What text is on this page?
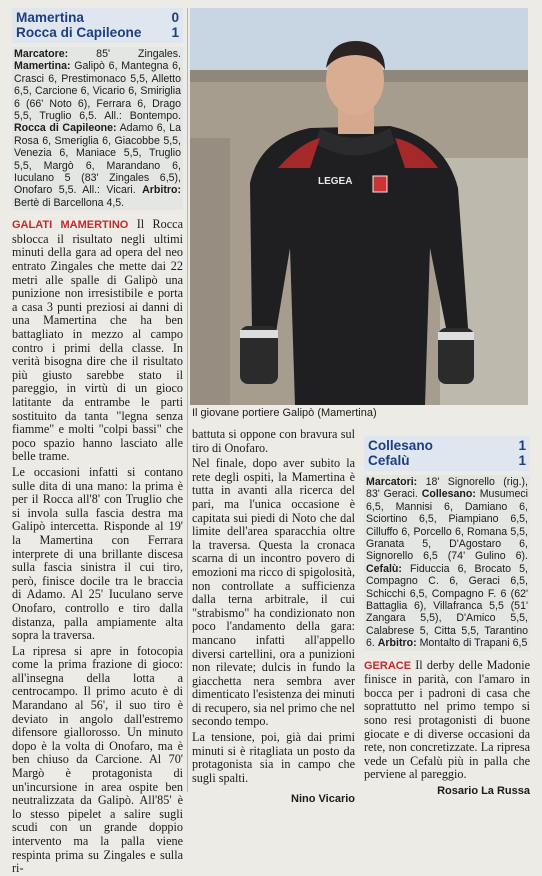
Mamertina	0
Rocca di Capileone 1

Marcatore: 85' Zingales. Mamertina: Galipò 6, Mantegna 6, Crasci 6, Prestimonaco 5,5, Alletto 6,5, Carcione 6, Vicario 6, Smiriglia 6 (66' Noto 6), Ferrara 6, Drago 5,5, Truglio 6,5. All.: Bontempo. Rocca di Capileone: Adamo 6, La Rosa 6, Smeriglia 6, Giacobbe 5,5, Venezia 6, Maniace 5,5, Truglio 5,5, Margò 6, Marandano 6, Iuculano 5 (83' Zingales 6,5), Onofaro 5,5. All.: Vicari. Arbitro: Bertè di Barcellona 4,5.

GALATI MAMERTINO Il Rocca sblocca il risultato negli ultimi minuti della gara ad opera del neo entrato Zingales che mette dai 22 metri alle spalle di Galipò una punizione non irresistibile e porta a casa 3 punti preziosi ai danni di una Mamertina che ha ben battagliato in mezzo al campo contro i primi della classe. In verità bisogna dire che il risultato più giusto sarebbe stato il pareggio, in virtù di un gioco latitante da entrambe le parti sostituito da tanta "legna senza fiamme" e molti "colpi bassi" che poco spazio hanno lasciato alle belle trame.

Le occasioni infatti si contano sulle dita di una mano: la prima è per il Rocca all'8' con Truglio che si invola sulla fascia destra ma Galipò intercetta. Risponde al 19' la Mamertina con Ferrara interprete di una brillante discesa sulla fascia sinistra il cui tiro, però, finisce docile tra le braccia di Adamo. Al 25' Iuculano serve Onofaro, controllo e tiro dalla distanza, palla ampiamente alta sopra la traversa.

La ripresa si apre in fotocopia come la prima frazione di gioco: all'insegna della lotta a centrocampo. Il primo acuto è di Marandano al 56', il suo tiro è deviato in angolo dall'estremo difensore giallorosso. Un minuto dopo è la volta di Onofaro, ma è ben chiuso da Carcione. Al 70' Margò è protagonista di un'incursione in area ospite ben neutralizzata da Galipò. All'85' è lo stesso pipelet a salire sugli scudi con un grande doppio intervento ma la palla viene respinta prima su Zingales e sulla ri-

LEGEA
Il giovane portiere Galipò (Mamertina)

battuta si oppone con bravura sul tiro di Onofaro.

Nel finale, dopo aver subito la rete degli ospiti, la Mamertina è tutta in avanti alla ricerca del pari, ma l'unica occasione è capitata sui piedi di Noto che dal limite dell'area sparacchia oltre la traversa. Questa la cronaca scarna di un incontro povero di emozioni ma ricco di spigolosità, non controllate a sufficienza dalla terna arbitrale, il cui "strabismo" ha condizionato non poco l'andamento della gara: mancano infatti all'appello diversi cartellini, ora a punizioni non rilevate; dulcis in fundo la giacchetta nera sembra aver dimenticato l'esistenza dei minuti di recupero, sia nel primo che nel secondo tempo.

La tensione, poi, già dai primi minuti si è ritagliata un posto da protagonista sia in campo che sugli spalti.

Nino Vicario
Collesano	1
Cefalù	1

Marcatori: 18' Signorello (rig.), 83' Geraci. Collesano: Musumeci 6,5, Mannisi 6, Damiano 6, Sciortino 6,5, Piampiano 6,5, Cilluffo 6, Porcello 6, Romana 5,5, Granata 5, D'Agostaro 6, Signorello 6,5 (74' Gulino 6). Cefalù: Fiduccia 6, Brocato 5, Compagno C. 6, Geraci 6,5, Schicchi 6,5, Compagno F. 6 (62' Battaglia 6), Villafranca 5,5 (51' Zangara 5,5), D'Amico 5,5, Calabrese 5, Citta 5,5, Tarantino 6. Arbitro: Montalto di Trapani 6,5

GERACE Il derby delle Madonie finisce in parità, con l'amaro in bocca per i padroni di casa che soprattutto nel primo tempo si sono resi protagonisti di buone giocate e di diverse occasioni da rete, non concretizzate. La ripresa vede un Cefalù più in palla che perviene al pareggio.

Rosario La Russa
